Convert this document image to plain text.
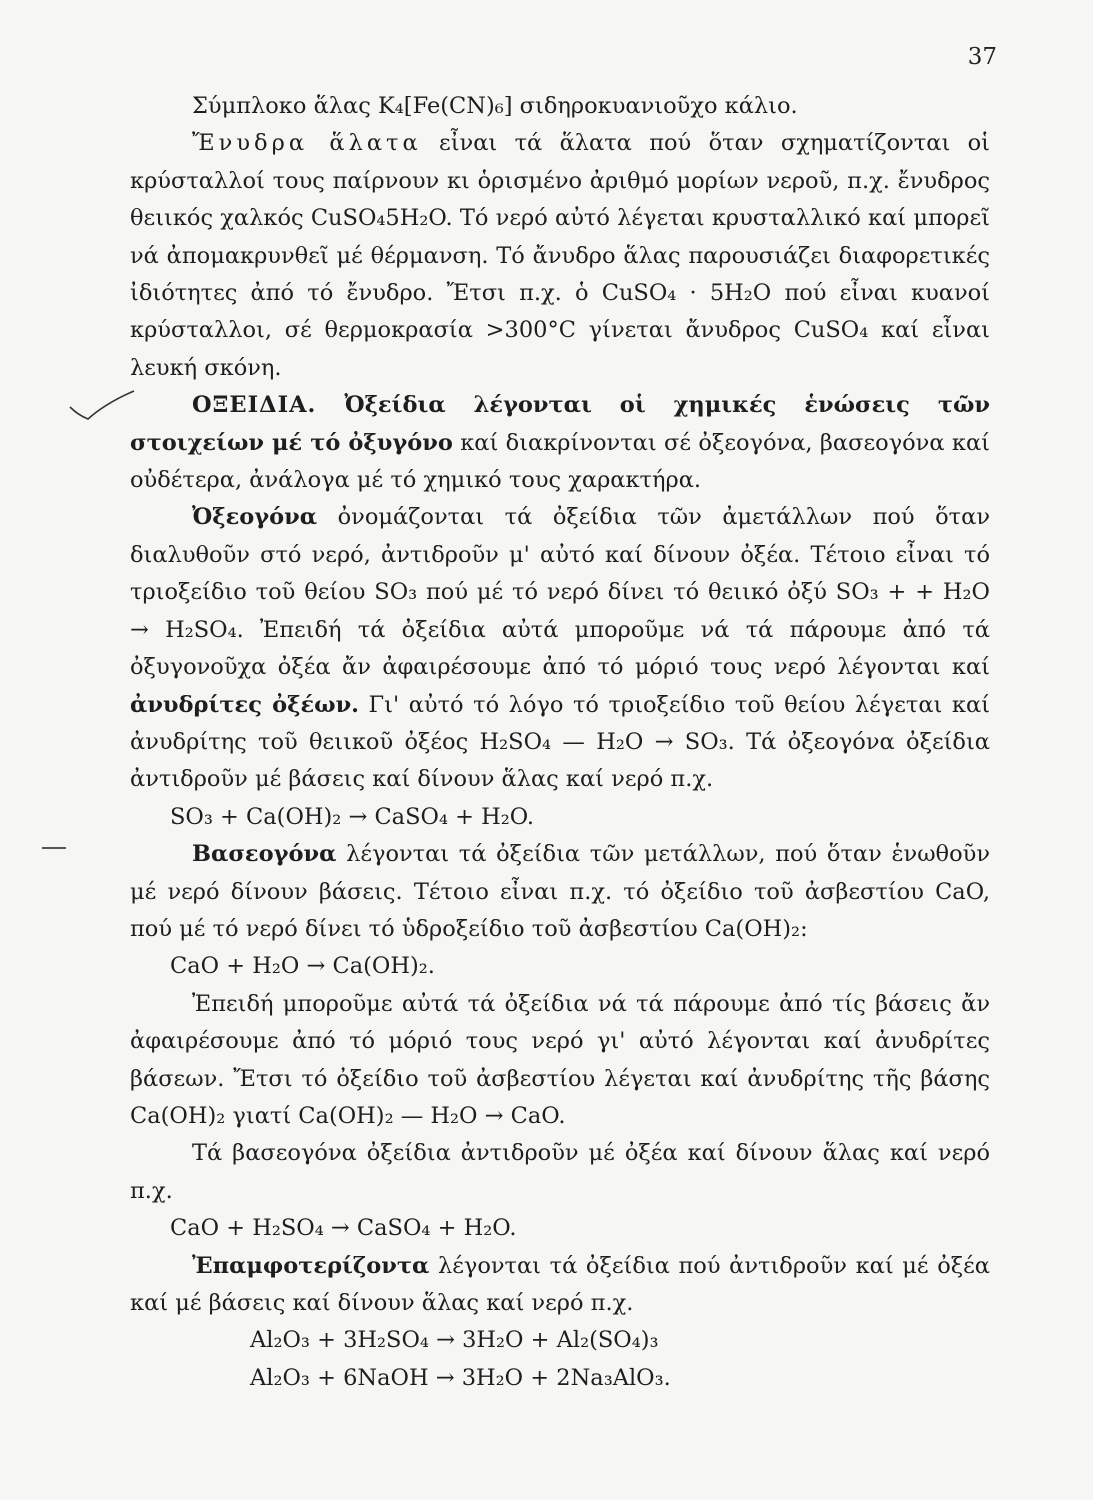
37

Σύμπλοκο ἅλας K₄[Fe(CN)₆] σιδηροκυανιοῦχο κάλιο.

Ἔνυδρα ἅλατα εἶναι τά ἅλατα πού ὅταν σχηματίζονται οἱ κρύσταλλοί τους παίρνουν κι ὁρισμένο ἀριθμό μορίων νεροῦ, π.χ. ἔνυδρος θειικός χαλκός CuSO₄5H₂O. Τό νερό αὐτό λέγεται κρυσταλλικό καί μπορεῖ νά ἀπομακρυνθεῖ μέ θέρμανση. Τό ἄνυδρο ἅλας παρουσιάζει διαφορετικές ἰδιότητες ἀπό τό ἔνυδρο. Ἔτσι π.χ. ὁ CuSO₄ · 5H₂O πού εἶναι κυανοί κρύσταλλοι, σέ θερμοκρασία >300°C γίνεται ἄνυδρος CuSO₄ καί εἶναι λευκή σκόνη.

ΟΞΕΙΔΙΑ. Ὀξείδια λέγονται οἱ χημικές ἑνώσεις τῶν στοιχείων μέ τό ὀξυγόνο καί διακρίνονται σέ ὀξεογόνα, βασεογόνα καί οὐδέτερα, ἀνάλογα μέ τό χημικό τους χαρακτήρα.

Ὀξεογόνα ὀνομάζονται τά ὀξείδια τῶν ἀμετάλλων πού ὅταν διαλυθοῦν στό νερό, ἀντιδροῦν μ' αὐτό καί δίνουν ὀξέα. Τέτοιο εἶναι τό τριοξείδιο τοῦ θείου SO₃ πού μέ τό νερό δίνει τό θειικό ὀξύ SO₃ + + H₂O → H₂SO₄. Ἐπειδή τά ὀξείδια αὐτά μποροῦμε νά τά πάρουμε ἀπό τά ὀξυγονοῦχα ὀξέα ἄν ἀφαιρέσουμε ἀπό τό μόριό τους νερό λέγονται καί ἀνυδρίτες ὀξέων. Γι' αὐτό τό λόγο τό τριοξείδιο τοῦ θείου λέγεται καί ἀνυδρίτης τοῦ θειικοῦ ὀξέος H₂SO₄ — H₂O → SO₃. Τά ὀξεογόνα ὀξείδια ἀντιδροῦν μέ βάσεις καί δίνουν ἅλας καί νερό π.χ.

SO₃ + Ca(OH)₂ → CaSO₄ + H₂O.

Βασεογόνα λέγονται τά ὀξείδια τῶν μετάλλων, πού ὅταν ἑνωθοῦν μέ νερό δίνουν βάσεις. Τέτοιο εἶναι π.χ. τό ὀξείδιο τοῦ ἀσβεστίου CaO, πού μέ τό νερό δίνει τό ὑδροξείδιο τοῦ ἀσβεστίου Ca(OH)₂:

CaO + H₂O → Ca(OH)₂.

Ἐπειδή μποροῦμε αὐτά τά ὀξείδια νά τά πάρουμε ἀπό τίς βάσεις ἄν ἀφαιρέσουμε ἀπό τό μόριό τους νερό γι' αὐτό λέγονται καί ἀνυδρίτες βάσεων. Ἔτσι τό ὀξείδιο τοῦ ἀσβεστίου λέγεται καί ἀνυδρίτης τῆς βάσης Ca(OH)₂ γιατί Ca(OH)₂ — H₂O → CaO.

Τά βασεογόνα ὀξείδια ἀντιδροῦν μέ ὀξέα καί δίνουν ἅλας καί νερό π.χ.

CaO + H₂SO₄ → CaSO₄ + H₂O.

Ἐπαμφοτερίζοντα λέγονται τά ὀξείδια πού ἀντιδροῦν καί μέ ὀξέα καί μέ βάσεις καί δίνουν ἅλας καί νερό π.χ.

Al₂O₃ + 3H₂SO₄ → 3H₂O + Al₂(SO₄)₃

Al₂O₃ + 6NaOH → 3H₂O + 2Na₃AlO₃.
